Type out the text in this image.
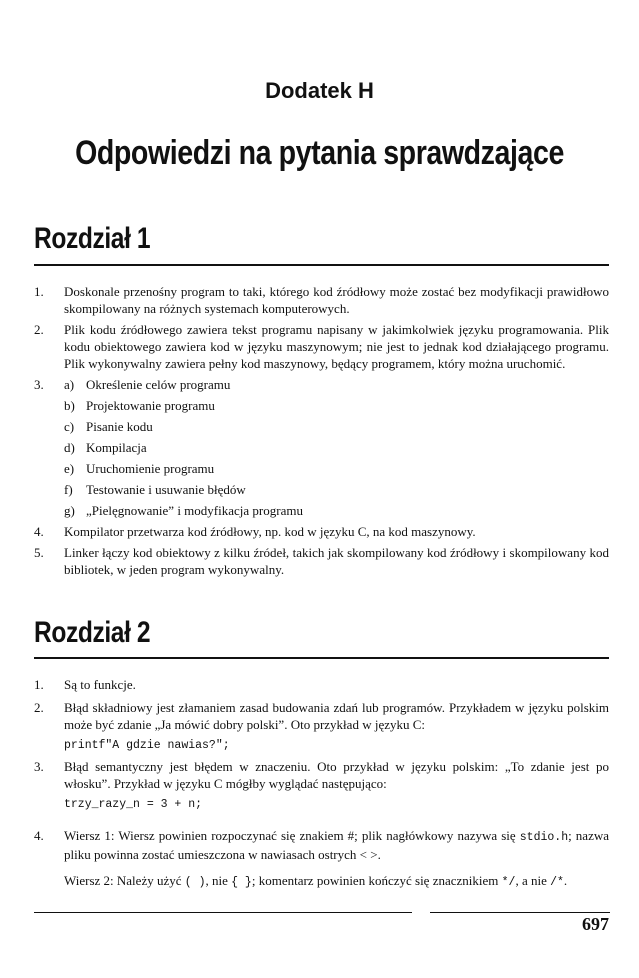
Dodatek H
Odpowiedzi na pytania sprawdzające
Rozdział 1
1. Doskonale przenośny program to taki, którego kod źródłowy może zostać bez modyfikacji prawidłowo skompilowany na różnych systemach komputerowych.
2. Plik kodu źródłowego zawiera tekst programu napisany w jakimkolwiek języku programowania. Plik kodu obiektowego zawiera kod w języku maszynowym; nie jest to jednak kod działającego programu. Plik wykonywalny zawiera pełny kod maszynowy, będący programem, który można uruchomić.
3. a) Określenie celów programu
b) Projektowanie programu
c) Pisanie kodu
d) Kompilacja
e) Uruchomienie programu
f)	Testowanie i usuwanie błędów
g) „Pielęgnowanie” i modyfikacja programu
4. Kompilator przetwarza kod źródłowy, np. kod w języku C, na kod maszynowy.
5. Linker łączy kod obiektowy z kilku źródeł, takich jak skompilowany kod źródłowy i skompilowany kod bibliotek, w jeden program wykonywalny.
Rozdział 2
1. Są to funkcje.
2. Błąd składniowy jest złamaniem zasad budowania zdań lub programów. Przykładem w języku polskim może być zdanie „Ja mówić dobry polski”. Oto przykład w języku C:
printf"A gdzie nawias?";
3. Błąd semantyczny jest błędem w znaczeniu. Oto przykład w języku polskim: „To zdanie jest po włosku”. Przykład w języku C mógłby wyglądać następująco:
trzy_razy_n = 3 + n;
4. Wiersz 1: Wiersz powinien rozpoczynać się znakiem #; plik nagłówkowy nazywa się stdio.h; nazwa pliku powinna zostać umieszczona w nawiasach ostrych < >.
Wiersz 2: Należy użyć ( ), nie { }; komentarz powinien kończyć się znacznikiem */, a nie /*.
697
